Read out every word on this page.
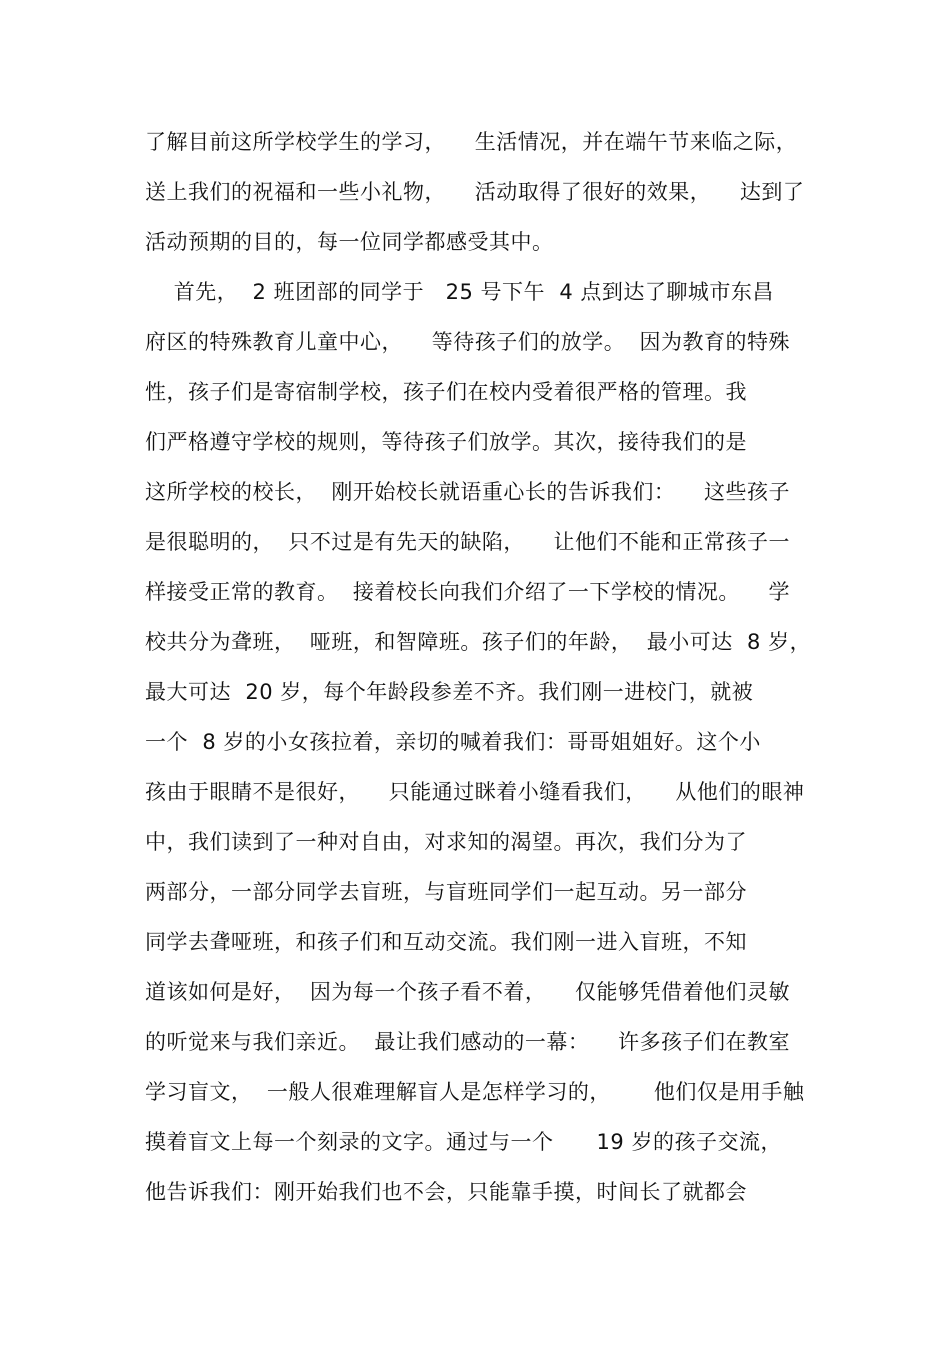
了解目前这所学校学生的学习，    生活情况，并在端午节来临之际，
送上我们的祝福和一些小礼物，    活动取得了很好的效果，    达到了
活动预期的目的，每一位同学都感受其中。
首先，  2 班团部的同学于   25 号下午  4 点到达了聊城市东昌
府区的特殊教育儿童中心，    等待孩子们的放学。  因为教育的特殊
性，孩子们是寄宿制学校，孩子们在校内受着很严格的管理。我
们严格遵守学校的规则，等待孩子们放学。其次，接待我们的是
这所学校的校长，  刚开始校长就语重心长的告诉我们：    这些孩子
是很聪明的，  只不过是有先天的缺陷，    让他们不能和正常孩子一
样接受正常的教育。  接着校长向我们介绍了一下学校的情况。    学
校共分为聋班，  哑班，和智障班。孩子们的年龄，  最小可达  8 岁，
最大可达  20 岁，每个年龄段参差不齐。我们刚一进校门，就被
一个  8 岁的小女孩拉着，亲切的喊着我们：哥哥姐姐好。这个小
孩由于眼睛不是很好，    只能通过眯着小缝看我们，    从他们的眼神
中，我们读到了一种对自由，对求知的渴望。再次，我们分为了
两部分，一部分同学去盲班，与盲班同学们一起互动。另一部分
同学去聋哑班，和孩子们和互动交流。我们刚一进入盲班，不知
道该如何是好，  因为每一个孩子看不着，    仅能够凭借着他们灵敏
的听觉来与我们亲近。  最让我们感动的一幕：    许多孩子们在教室
学习盲文，  一般人很难理解盲人是怎样学习的，      他们仅是用手触
摸着盲文上每一个刻录的文字。通过与一个      19 岁的孩子交流，
他告诉我们：刚开始我们也不会，只能靠手摸，时间长了就都会
